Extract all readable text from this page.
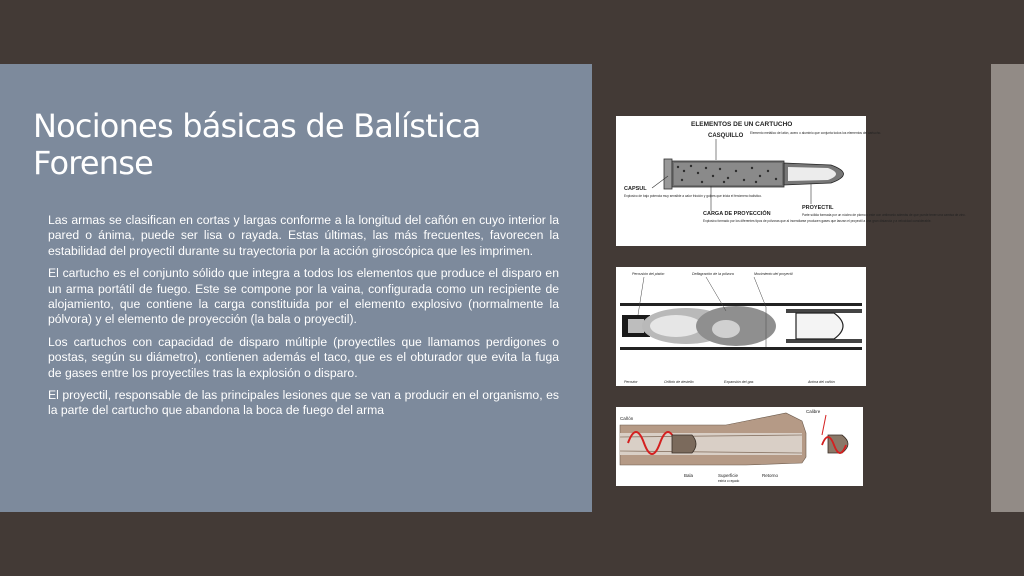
Nociones básicas de Balística
Forense

Las armas se clasifican en cortas y largas conforme a la longitud del cañón en cuyo interior la pared o ánima, puede ser lisa o rayada. Estas últimas, las más frecuentes, favorecen la estabilidad del proyectil durante su trayectoria por la acción giroscópica que les imprimen.

El cartucho es el conjunto sólido que integra a todos los elementos que produce el disparo en un arma portátil de fuego. Este se compone por la vaina, configurada como un recipiente de alojamiento, que contiene la carga constituida por el elemento explosivo (normalmente la pólvora) y el elemento de proyección (la bala o proyectil).

Los cartuchos con capacidad de disparo múltiple (proyectiles que llamamos perdigones o postas, según su diámetro), contienen además el taco, que es el obturador que evita la fuga de gases entre los proyectiles tras la explosión o disparo.

El proyectil, responsable de las principales lesiones que se van a producir en el organismo, es la parte del cartucho que abandona la boca de fuego del arma

ELEMENTOS DE UN CARTUCHO
CASQUILLO Elemento metálico de latón, acero o aluminio que conjunta todos los elementos del cartucho.
CAPSUL
Explosivo de bajo potencia muy sensible a calor fricción y golpes que inicia el fenómeno balístico.
CARGA DE PROYECCIÓN
Explosivo formado por los diferentes tipos de pólvoras que al incendiarse producen gases que lanzan el proyectil a una gran distancia y a velocidad considerable.
PROYECTIL
Parte sólida formada por un núcleo de plomo o este con antimonio además de que puede tener una camisa de zinc.
Percusión del pistón	Deflagración de la pólvora	Movimiento del proyectil
Percutor	Orificio de destello	Expansión del gas	Anima del cañón
Cañón
Calibre
Bala	Superficie
estría o rayado
Retorno
